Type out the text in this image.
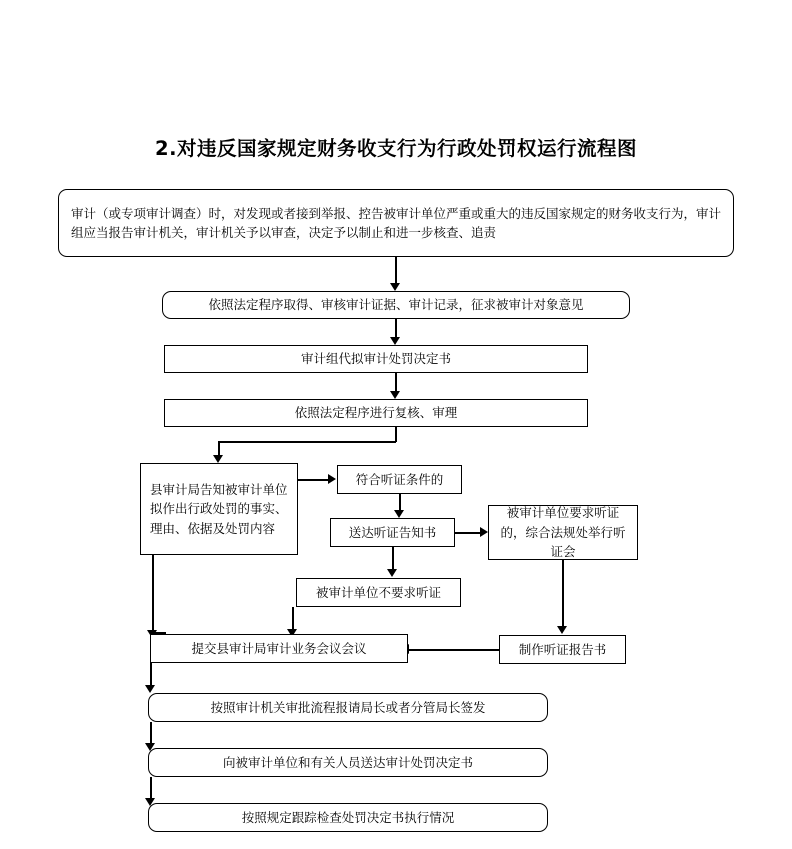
2.对违反国家规定财务收支行为行政处罚权运行流程图
审计（或专项审计调查）时，对发现或者接到举报、控告被审计单位严重或重大的违反国家规定的财务收支行为，审计组应当报告审计机关，审计机关予以审查，决定予以制止和进一步核查、追责
依照法定程序取得、审核审计证据、审计记录，征求被审计对象意见
审计组代拟审计处罚决定书
依照法定程序进行复核、审理
县审计局告知被审计单位拟作出行政处罚的事实、理由、依据及处罚内容
符合听证条件的
送达听证告知书
被审计单位要求听证的，综合法规处举行听证会
被审计单位不要求听证
制作听证报告书
提交县审计局审计业务会议会议
按照审计机关审批流程报请局长或者分管局长签发
向被审计单位和有关人员送达审计处罚决定书
按照规定跟踪检查处罚决定书执行情况
